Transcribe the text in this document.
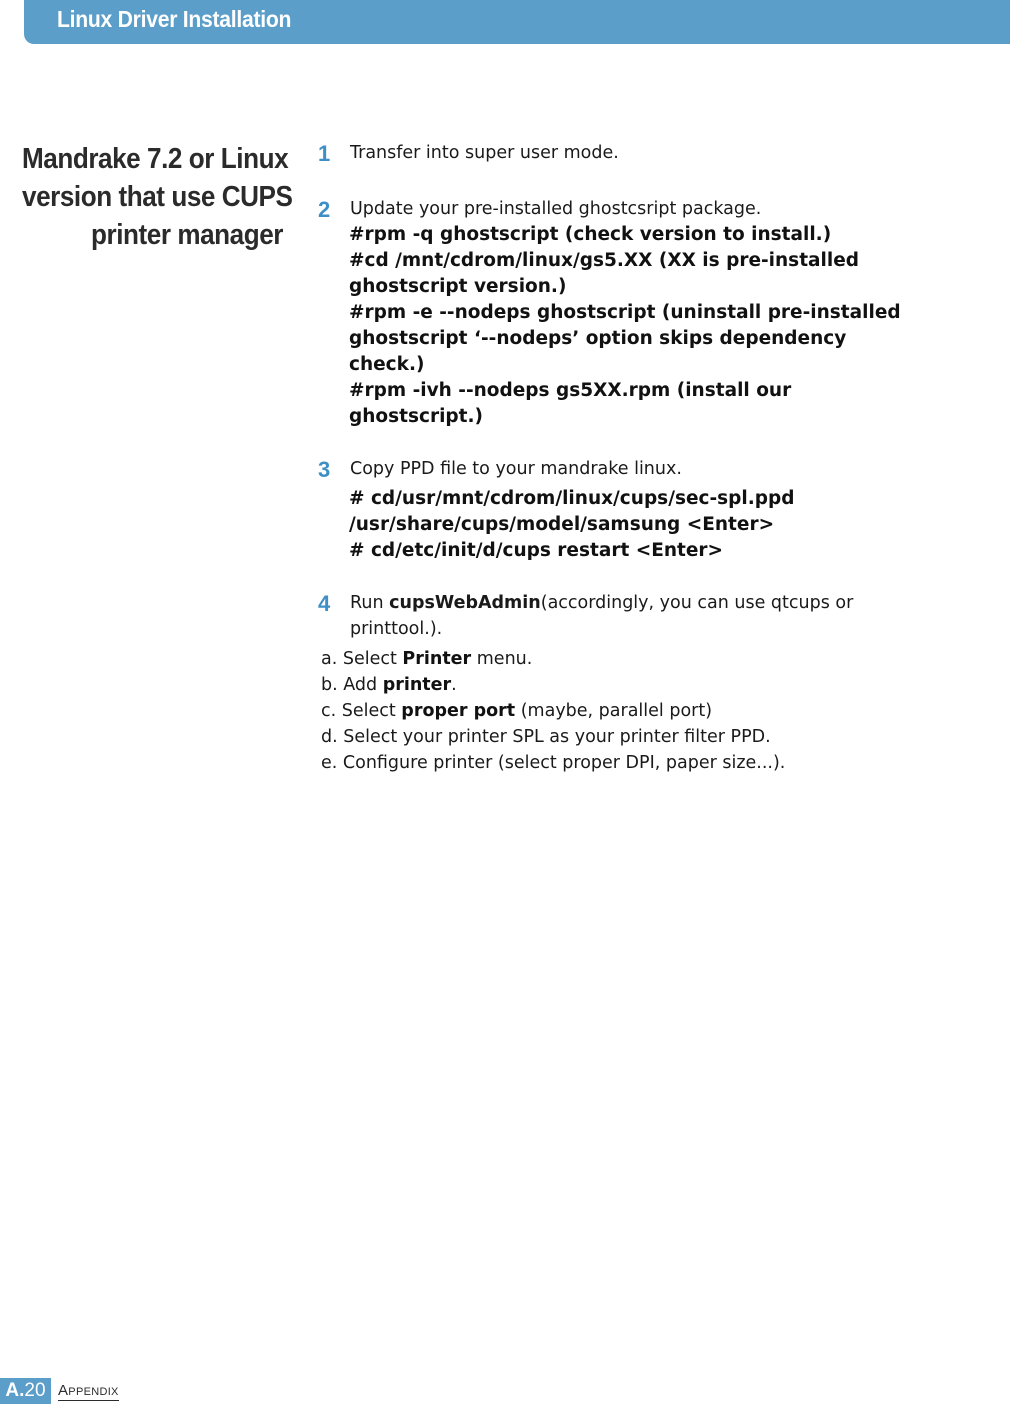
Linux Driver Installation
Mandrake 7.2 or Linux
version that use CUPS
printer manager
1 Transfer into super user mode.
2 Update your pre-installed ghostcsript package.
#rpm -q ghostscript (check version to install.)
#cd /mnt/cdrom/linux/gs5.XX (XX is pre-installed
ghostscript version.)
#rpm -e --nodeps ghostscript (uninstall pre-installed
ghostscript ‘--nodeps’ option skips dependency
check.)
#rpm -ivh --nodeps gs5XX.rpm (install our
ghostscript.)
3 Copy PPD file to your mandrake linux.
# cd/usr/mnt/cdrom/linux/cups/sec-spl.ppd
/usr/share/cups/model/samsung <Enter>
# cd/etc/init/d/cups restart <Enter>
4 Run cupsWebAdmin(accordingly, you can use qtcups or
printtool.).
a. Select Printer menu.
b. Add printer.
c. Select proper port (maybe, parallel port)
d. Select your printer SPL as your printer filter PPD.
e. Configure printer (select proper DPI, paper size...).
A.20 Appendix
